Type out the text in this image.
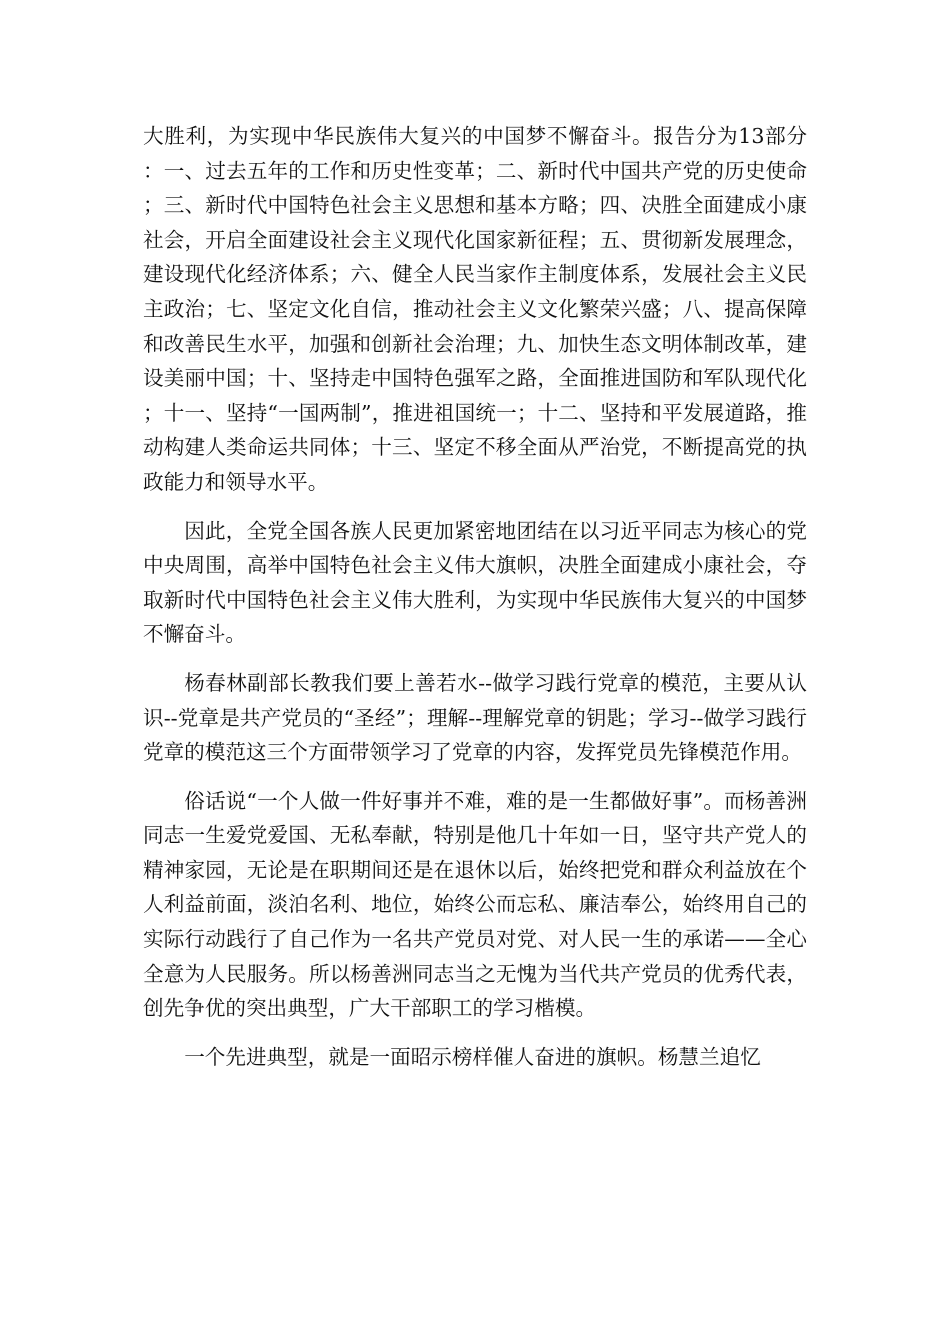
大胜利，为实现中华民族伟大复兴的中国梦不懈奋斗。报告分为13部分：一、过去五年的工作和历史性变革；二、新时代中国共产党的历史使命；三、新时代中国特色社会主义思想和基本方略；四、决胜全面建成小康社会，开启全面建设社会主义现代化国家新征程；五、贯彻新发展理念，建设现代化经济体系；六、健全人民当家作主制度体系，发展社会主义民主政治；七、坚定文化自信，推动社会主义文化繁荣兴盛；八、提高保障和改善民生水平，加强和创新社会治理；九、加快生态文明体制改革，建设美丽中国；十、坚持走中国特色强军之路，全面推进国防和军队现代化；十一、坚持“一国两制”，推进祖国统一；十二、坚持和平发展道路，推动构建人类命运共同体；十三、坚定不移全面从严治党，不断提高党的执政能力和领导水平。

因此，全党全国各族人民更加紧密地团结在以习近平同志为核心的党中央周围，高举中国特色社会主义伟大旗帜，决胜全面建成小康社会，夺取新时代中国特色社会主义伟大胜利，为实现中华民族伟大复兴的中国梦不懈奋斗。

杨春林副部长教我们要上善若水--做学习践行党章的模范，主要从认识--党章是共产党员的“圣经”；理解--理解党章的钥匙；学习--做学习践行党章的模范这三个方面带领学习了党章的内容，发挥党员先锋模范作用。

俗话说“一个人做一件好事并不难，难的是一生都做好事”。而杨善洲同志一生爱党爱国、无私奉献，特别是他几十年如一日，坚守共产党人的精神家园，无论是在职期间还是在退休以后，始终把党和群众利益放在个人利益前面，淡泊名利、地位，始终公而忘私、廉洁奉公，始终用自己的实际行动践行了自己作为一名共产党员对党、对人民一生的承诺——全心全意为人民服务。所以杨善洲同志当之无愧为当代共产党员的优秀代表，创先争优的突出典型，广大干部职工的学习楷模。

一个先进典型，就是一面昭示榜样催人奋进的旗帜。杨慧兰追忆
